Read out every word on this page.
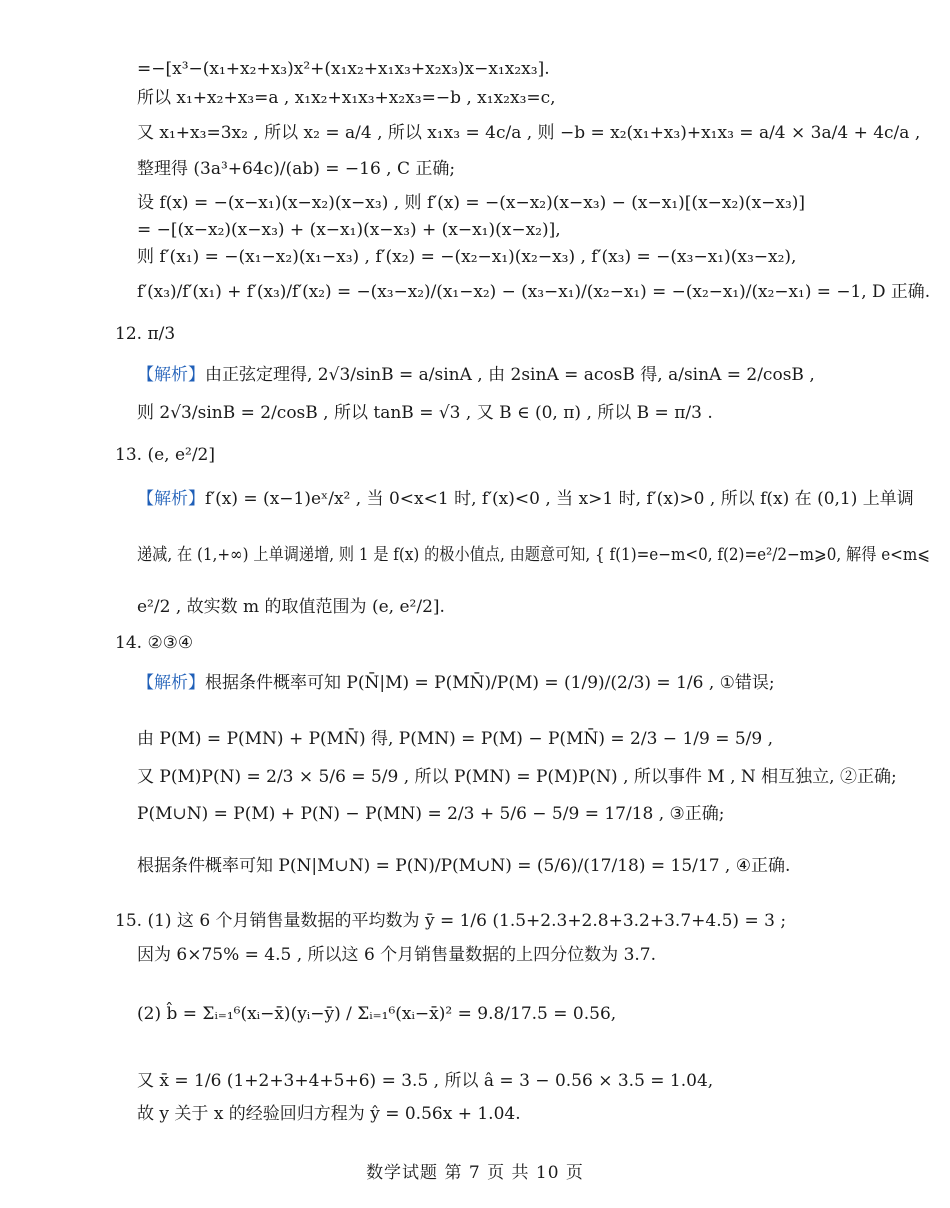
=−[x³−(x₁+x₂+x₃)x²+(x₁x₂+x₁x₃+x₂x₃)x−x₁x₂x₃].
所以 x₁+x₂+x₃=a , x₁x₂+x₁x₃+x₂x₃=−b , x₁x₂x₃=c,
又 x₁+x₃=3x₂ , 所以 x₂ = a/4 , 所以 x₁x₃ = 4c/a , 则 −b = x₂(x₁+x₃)+x₁x₃ = a/4 × 3a/4 + 4c/a ,
整理得 (3a³+64c)/(ab) = −16 , C 正确;
设 f(x) = −(x−x₁)(x−x₂)(x−x₃) , 则 f′(x) = −(x−x₂)(x−x₃) − (x−x₁)[(x−x₂)(x−x₃)]
= −[(x−x₂)(x−x₃) + (x−x₁)(x−x₃) + (x−x₁)(x−x₂)],
则 f′(x₁) = −(x₁−x₂)(x₁−x₃) , f′(x₂) = −(x₂−x₁)(x₂−x₃) , f′(x₃) = −(x₃−x₁)(x₃−x₂),
f′(x₃)/f′(x₁) + f′(x₃)/f′(x₂) = −(x₃−x₂)/(x₁−x₂) − (x₃−x₁)/(x₂−x₁) = −(x₂−x₁)/(x₂−x₁) = −1, D 正确.
12. π/3
【解析】由正弦定理得, 2√3/sinB = a/sinA , 由 2sinA = acosB 得, a/sinA = 2/cosB ,
则 2√3/sinB = 2/cosB , 所以 tanB = √3 , 又 B ∈ (0, π) , 所以 B = π/3 .
13. (e, e²/2]
【解析】f′(x) = (x−1)eˣ/x² , 当 0<x<1 时, f′(x)<0 , 当 x>1 时, f′(x)>0 , 所以 f(x) 在 (0,1) 上单调
递减, 在 (1,+∞) 上单调递增, 则 1 是 f(x) 的极小值点, 由题意可知, { f(1)=e−m<0, f(2)=e²/2−m⩾0, 解得 e<m⩽
e²/2 , 故实数 m 的取值范围为 (e, e²/2].
14. ②③④
【解析】根据条件概率可知 P(N̄|M) = P(MN̄)/P(M) = (1/9)/(2/3) = 1/6 , ①错误;
由 P(M) = P(MN) + P(MN̄) 得, P(MN) = P(M) − P(MN̄) = 2/3 − 1/9 = 5/9 ,
又 P(M)P(N) = 2/3 × 5/6 = 5/9 , 所以 P(MN) = P(M)P(N) , 所以事件 M , N 相互独立, ②正确;
P(M∪N) = P(M) + P(N) − P(MN) = 2/3 + 5/6 − 5/9 = 17/18 , ③正确;
根据条件概率可知 P(N|M∪N) = P(N)/P(M∪N) = (5/6)/(17/18) = 15/17 , ④正确.
15. (1) 这 6 个月销售量数据的平均数为 ȳ = 1/6 (1.5+2.3+2.8+3.2+3.7+4.5) = 3 ;
因为 6×75% = 4.5 , 所以这 6 个月销售量数据的上四分位数为 3.7.
(2) b̂ = Σᵢ₌₁⁶(xᵢ−x̄)(yᵢ−ȳ) / Σᵢ₌₁⁶(xᵢ−x̄)² = 9.8/17.5 = 0.56,
又 x̄ = 1/6 (1+2+3+4+5+6) = 3.5 , 所以 â = 3 − 0.56 × 3.5 = 1.04,
故 y 关于 x 的经验回归方程为 ŷ = 0.56x + 1.04.
数学试题 第 7 页 共 10 页
